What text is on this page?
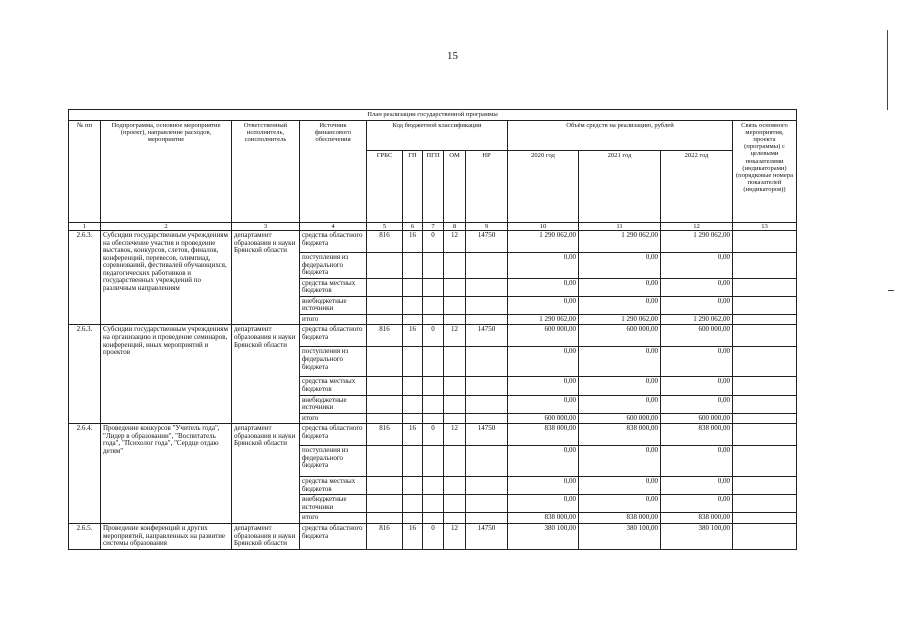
15
План реализации государственной программы												
№ пп	Подпрограмма, основное мероприятие (проект), направление расходов, мероприятие	Ответственный исполнитель, соисполнитель	Источник финансового обеспечения	Код бюджетной классификации					Объём средств на реализацию, рублей			Связь основного мероприятия, проекта (программы) с целевыми показателями (индикаторами) (порядковые номера показателей (индикаторов))
				ГРБС	ГП	ПГП	ОМ	НР	2020 год	2021 год	2022 год	
1	2	3	4	5	6	7	8	9	10	11	12	13
2.6.3.	Субсидии государственным учреждениям на обеспечение участия и проведение выставок, конкурсов, слетов, финалов, конференций, перевесов, олимпиад, соревнований, фестивалей обучающихся, педагогических работников и государственных учреждений по различным направлениям	департамент образования и науки Брянской области	средства областного бюджета	816	16	0	12	14750	1 290 062,00	1 290 062,00	1 290 062,00	
			поступления из федерального бюджета						0,00	0,00	0,00	
			средства местных бюджетов						0,00	0,00	0,00	
			внебюджетные источники						0,00	0,00	0,00	
			итого						1 290 062,00	1 290 062,00	1 290 062,00	
2.6.3.	Субсидии государственным учреждениям на организацию и проведение семинаров, конференций, иных мероприятий и проектов	департамент образования и науки Брянской области	средства областного бюджета	816	16	0	12	14750	600 000,00	600 000,00	600 000,00	
			поступления из федерального бюджета						0,00	0,00	0,00	
			средства местных бюджетов						0,00	0,00	0,00	
			внебюджетные источники						0,00	0,00	0,00	
			итого						600 000,00	600 000,00	600 000,00	
2.6.4.	Проведение конкурсов "Учитель года", "Лидер в образовании", "Воспитатель года", "Психолог года", "Сердце отдаю детям"	департамент образования и науки Брянской области	средства областного бюджета	816	16	0	12	14750	838 000,00	838 000,00	838 000,00	
			поступления из федерального бюджета						0,00	0,00	0,00	
			средства местных бюджетов						0,00	0,00	0,00	
			внебюджетные источники						0,00	0,00	0,00	
			итого						838 000,00	838 000,00	838 000,00	
2.6.5.	Проведение конференций и других мероприятий, направленных на развитие системы образования	департамент образования и науки Брянской области	средства областного бюджета	816	16	0	12	14750	380 100,00	380 100,00	380 100,00	
